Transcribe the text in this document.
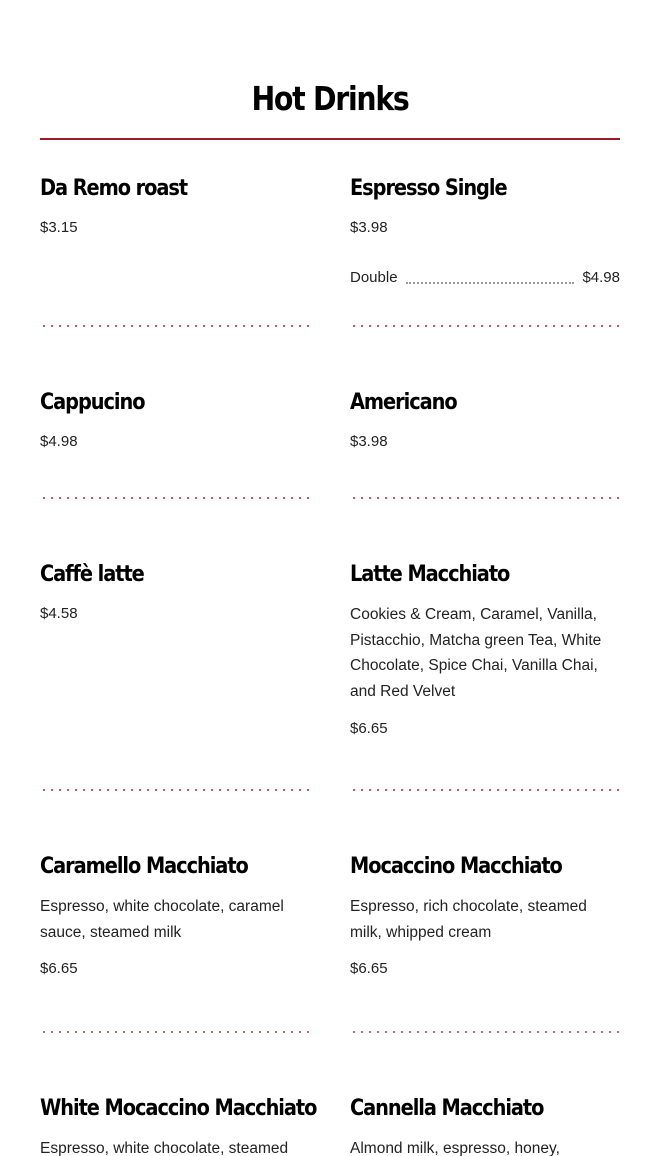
Hot Drinks
Da Remo roast
$3.15
Espresso Single
$3.98
Double	$4.98
Cappucino
$4.98
Americano
$3.98
Caffè latte
$4.58
Latte Macchiato
Cookies & Cream, Caramel, Vanilla, Pistacchio, Matcha green Tea, White Chocolate, Spice Chai, Vanilla Chai, and Red Velvet
$6.65
Caramello Macchiato
Espresso, white chocolate, caramel sauce, steamed milk
$6.65
Mocaccino Macchiato
Espresso, rich chocolate, steamed milk, whipped cream
$6.65
White Mocaccino Macchiato
Espresso, white chocolate, steamed
Cannella Macchiato
Almond milk, espresso, honey,
